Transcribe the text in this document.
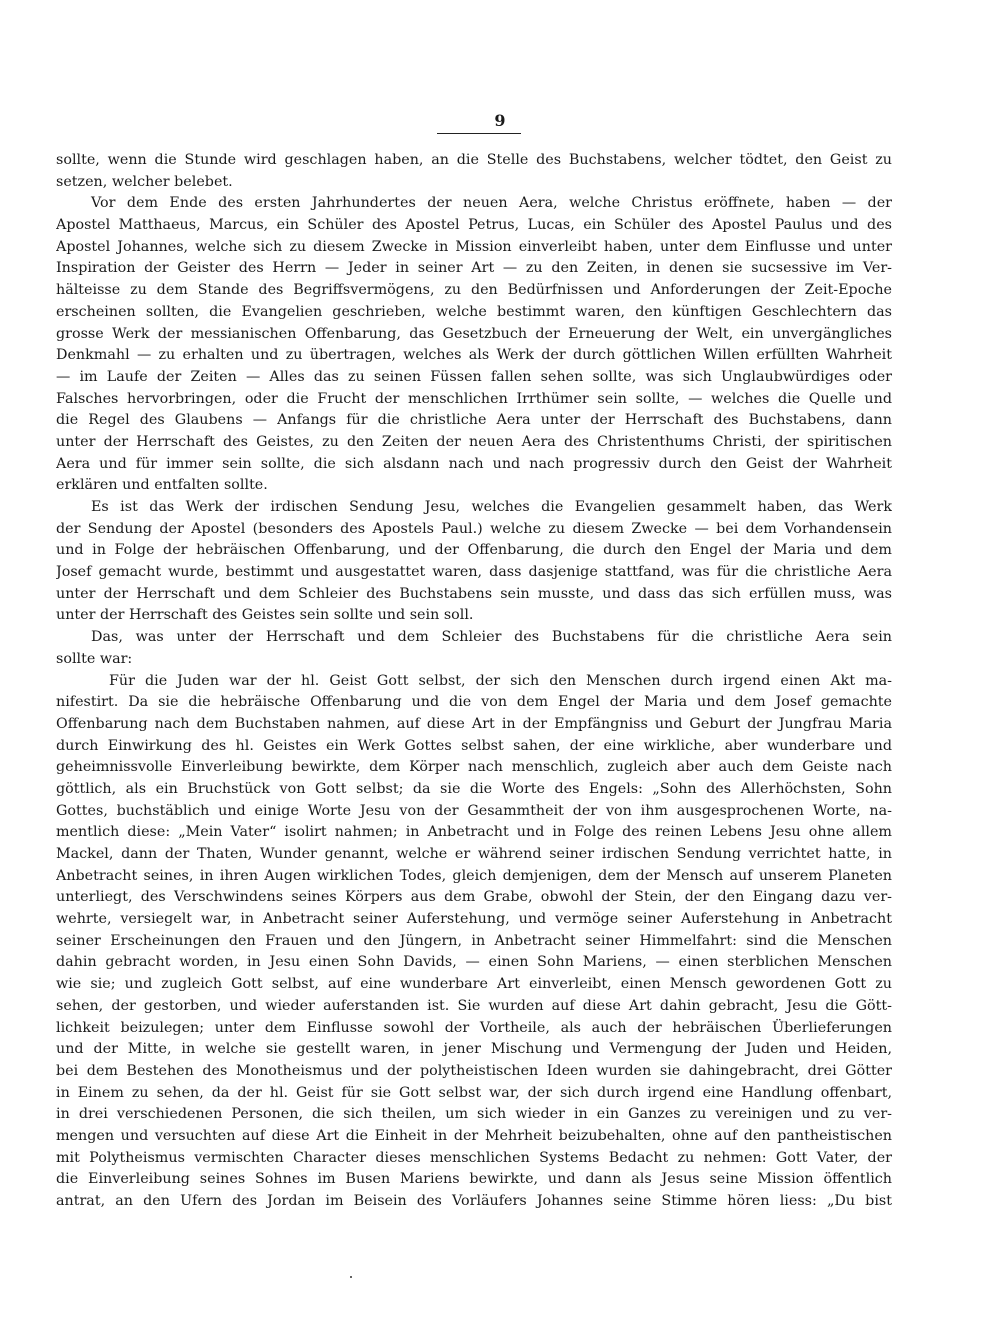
9
sollte, wenn die Stunde wird geschlagen haben, an die Stelle des Buchstabens, welcher tödtet, den Geist zu
setzen, welcher belebet.
Vor dem Ende des ersten Jahrhundertes der neuen Aera, welche Christus eröffnete, haben — der
Apostel Matthaeus, Marcus, ein Schüler des Apostel Petrus, Lucas, ein Schüler des Apostel Paulus und des
Apostel Johannes, welche sich zu diesem Zwecke in Mission einverleibt haben, unter dem Einflusse und unter
Inspiration der Geister des Herrn — Jeder in seiner Art — zu den Zeiten, in denen sie sucsessive im Ver-
hälteisse zu dem Stande des Begriffsvermögens, zu den Bedürfnissen und Anforderungen der Zeit-Epoche
erscheinen sollten, die Evangelien geschrieben, welche bestimmt waren, den künftigen Geschlechtern das
grosse Werk der messianischen Offenbarung, das Gesetzbuch der Erneuerung der Welt, ein unvergängliches
Denkmahl — zu erhalten und zu übertragen, welches als Werk der durch göttlichen Willen erfüllten Wahrheit
— im Laufe der Zeiten — Alles das zu seinen Füssen fallen sehen sollte, was sich Unglaubwürdiges oder
Falsches hervorbringen, oder die Frucht der menschlichen Irrthümer sein sollte, — welches die Quelle und
die Regel des Glaubens — Anfangs für die christliche Aera unter der Herrschaft des Buchstabens, dann
unter der Herrschaft des Geistes, zu den Zeiten der neuen Aera des Christenthums Christi, der spiritischen
Aera und für immer sein sollte, die sich alsdann nach und nach progressiv durch den Geist der Wahrheit
erklären und entfalten sollte.
Es ist das Werk der irdischen Sendung Jesu, welches die Evangelien gesammelt haben, das Werk
der Sendung der Apostel (besonders des Apostels Paul.) welche zu diesem Zwecke — bei dem Vorhandensein
und in Folge der hebräischen Offenbarung, und der Offenbarung, die durch den Engel der Maria und dem
Josef gemacht wurde, bestimmt und ausgestattet waren, dass dasjenige stattfand, was für die christliche Aera
unter der Herrschaft und dem Schleier des Buchstabens sein musste, und dass das sich erfüllen muss, was
unter der Herrschaft des Geistes sein sollte und sein soll.
Das, was unter der Herrschaft und dem Schleier des Buchstabens für die christliche Aera sein
sollte war:
Für die Juden war der hl. Geist Gott selbst, der sich den Menschen durch irgend einen Akt ma-
nifestirt. Da sie die hebräische Offenbarung und die von dem Engel der Maria und dem Josef gemachte
Offenbarung nach dem Buchstaben nahmen, auf diese Art in der Empfängniss und Geburt der Jungfrau Maria
durch Einwirkung des hl. Geistes ein Werk Gottes selbst sahen, der eine wirkliche, aber wunderbare und
geheimnissvolle Einverleibung bewirkte, dem Körper nach menschlich, zugleich aber auch dem Geiste nach
göttlich, als ein Bruchstück von Gott selbst; da sie die Worte des Engels: „Sohn des Allerhöchsten, Sohn
Gottes, buchstäblich und einige Worte Jesu von der Gesammtheit der von ihm ausgesprochenen Worte, na-
mentlich diese: „Mein Vater“ isolirt nahmen; in Anbetracht und in Folge des reinen Lebens Jesu ohne allem
Mackel, dann der Thaten, Wunder genannt, welche er während seiner irdischen Sendung verrichtet hatte, in
Anbetracht seines, in ihren Augen wirklichen Todes, gleich demjenigen, dem der Mensch auf unserem Planeten
unterliegt, des Verschwindens seines Körpers aus dem Grabe, obwohl der Stein, der den Eingang dazu ver-
wehrte, versiegelt war, in Anbetracht seiner Auferstehung, und vermöge seiner Auferstehung in Anbetracht
seiner Erscheinungen den Frauen und den Jüngern, in Anbetracht seiner Himmelfahrt: sind die Menschen
dahin gebracht worden, in Jesu einen Sohn Davids, — einen Sohn Mariens, — einen sterblichen Menschen
wie sie; und zugleich Gott selbst, auf eine wunderbare Art einverleibt, einen Mensch gewordenen Gott zu
sehen, der gestorben, und wieder auferstanden ist. Sie wurden auf diese Art dahin gebracht, Jesu die Gött-
lichkeit beizulegen; unter dem Einflusse sowohl der Vortheile, als auch der hebräischen Überlieferungen
und der Mitte, in welche sie gestellt waren, in jener Mischung und Vermengung der Juden und Heiden,
bei dem Bestehen des Monotheismus und der polytheistischen Ideen wurden sie dahingebracht, drei Götter
in Einem zu sehen, da der hl. Geist für sie Gott selbst war, der sich durch irgend eine Handlung offenbart,
in drei verschiedenen Personen, die sich theilen, um sich wieder in ein Ganzes zu vereinigen und zu ver-
mengen und versuchten auf diese Art die Einheit in der Mehrheit beizubehalten, ohne auf den pantheistischen
mit Polytheismus vermischten Character dieses menschlichen Systems Bedacht zu nehmen: Gott Vater, der
die Einverleibung seines Sohnes im Busen Mariens bewirkte, und dann als Jesus seine Mission öffentlich
antrat, an den Ufern des Jordan im Beisein des Vorläufers Johannes seine Stimme hören liess: „Du bist
